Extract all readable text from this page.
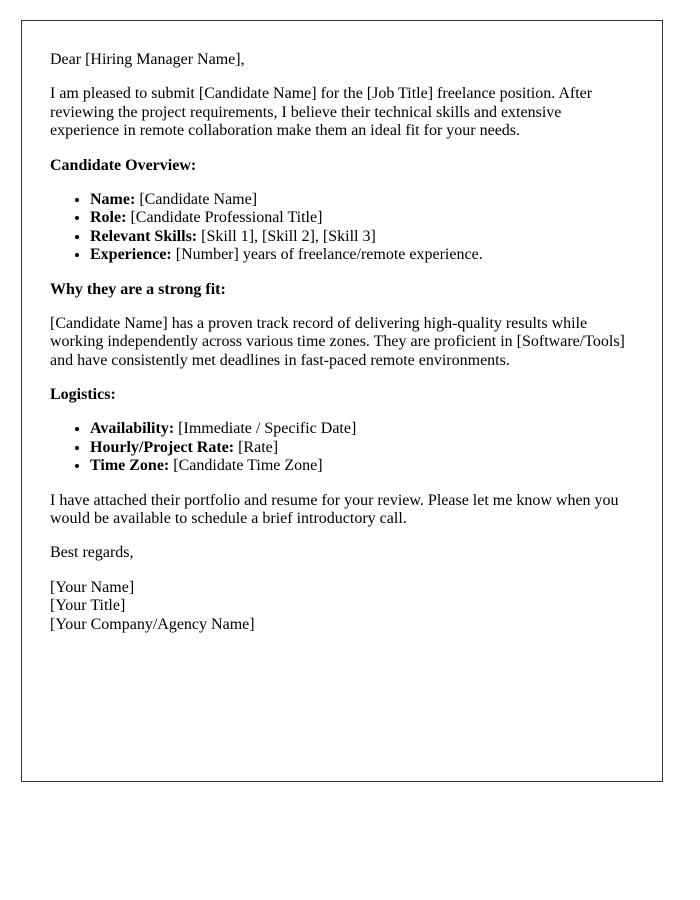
Dear [Hiring Manager Name],

I am pleased to submit [Candidate Name] for the [Job Title] freelance position. After reviewing the project requirements, I believe their technical skills and extensive experience in remote collaboration make them an ideal fit for your needs.

Candidate Overview:

• Name: [Candidate Name]
• Role: [Candidate Professional Title]
• Relevant Skills: [Skill 1], [Skill 2], [Skill 3]
• Experience: [Number] years of freelance/remote experience.

Why they are a strong fit:

[Candidate Name] has a proven track record of delivering high-quality results while working independently across various time zones. They are proficient in [Software/Tools] and have consistently met deadlines in fast-paced remote environments.

Logistics:

• Availability: [Immediate / Specific Date]
• Hourly/Project Rate: [Rate]
• Time Zone: [Candidate Time Zone]

I have attached their portfolio and resume for your review. Please let me know when you would be available to schedule a brief introductory call.

Best regards,

[Your Name]
[Your Title]
[Your Company/Agency Name]
